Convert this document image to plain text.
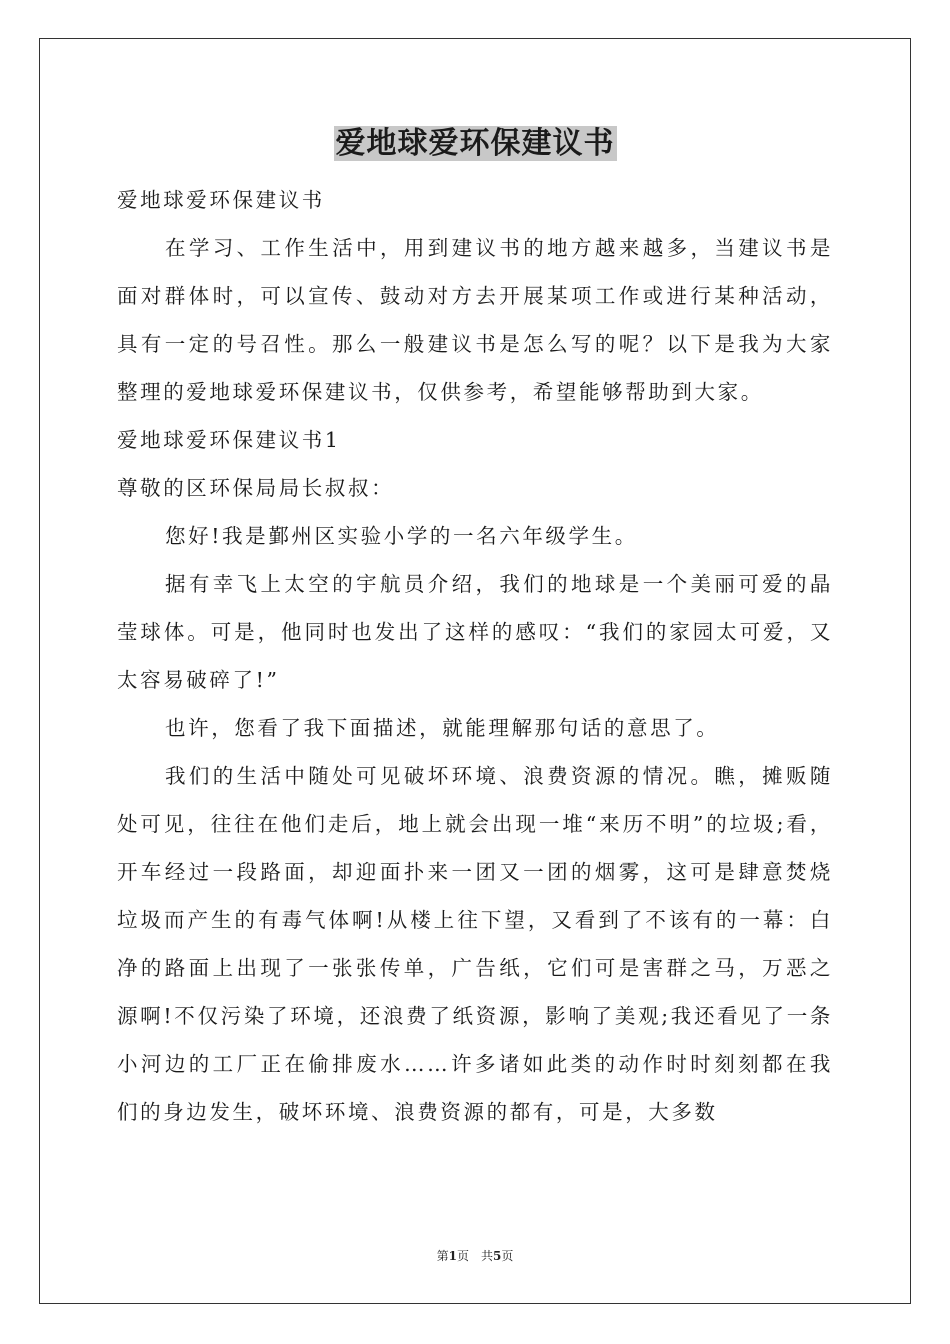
爱地球爱环保建议书

爱地球爱环保建议书

在学习、工作生活中，用到建议书的地方越来越多，当建议书是面对群体时，可以宣传、鼓动对方去开展某项工作或进行某种活动，具有一定的号召性。那么一般建议书是怎么写的呢？以下是我为大家整理的爱地球爱环保建议书，仅供参考，希望能够帮助到大家。

爱地球爱环保建议书1

尊敬的区环保局局长叔叔：

您好!我是鄞州区实验小学的一名六年级学生。

据有幸飞上太空的宇航员介绍，我们的地球是一个美丽可爱的晶莹球体。可是，他同时也发出了这样的感叹：“我们的家园太可爱，又太容易破碎了!”

也许，您看了我下面描述，就能理解那句话的意思了。

我们的生活中随处可见破坏环境、浪费资源的情况。瞧，摊贩随处可见，往往在他们走后，地上就会出现一堆“来历不明”的垃圾;看，开车经过一段路面，却迎面扑来一团又一团的烟雾，这可是肆意焚烧垃圾而产生的有毒气体啊!从楼上往下望，又看到了不该有的一幕：白净的路面上出现了一张张传单，广告纸，它们可是害群之马，万恶之源啊!不仅污染了环境，还浪费了纸资源，影响了美观;我还看见了一条小河边的工厂正在偷排废水……许多诸如此类的动作时时刻刻都在我们的身边发生，破坏环境、浪费资源的都有，可是，大多数

第1页　共5页
